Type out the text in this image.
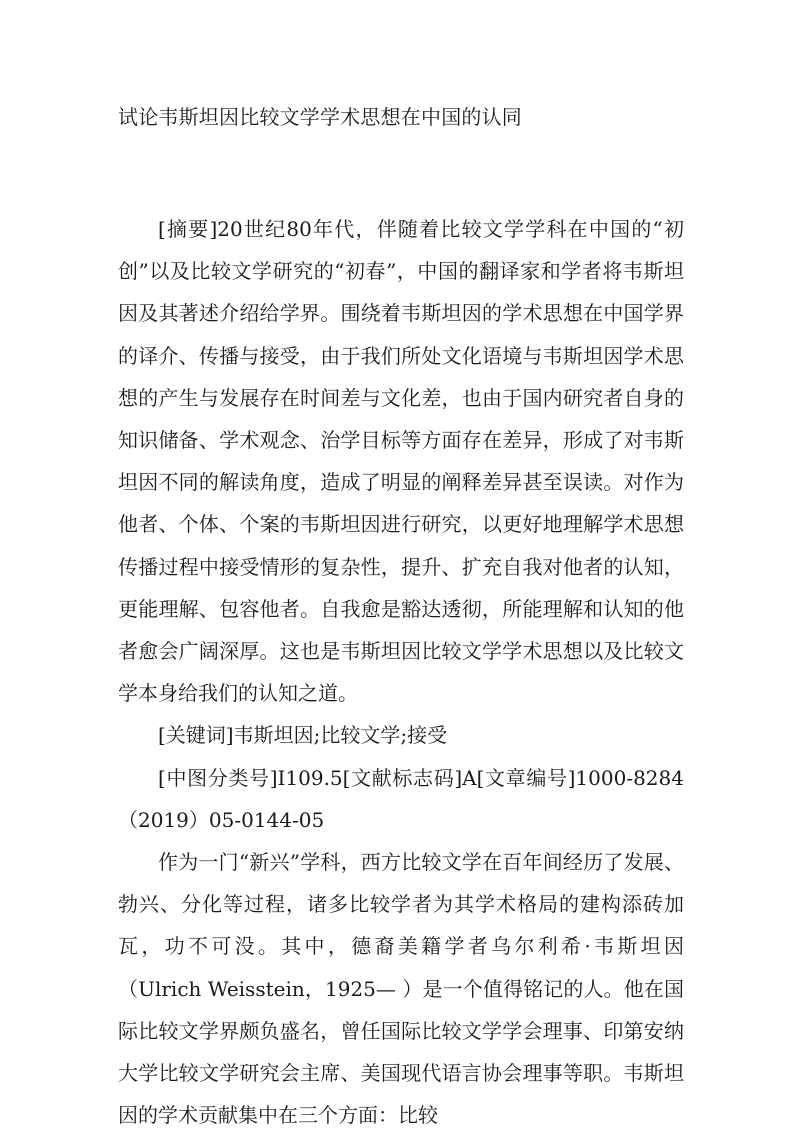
试论韦斯坦因比较文学学术思想在中国的认同

[摘要]20世纪80年代，伴随着比较文学学科在中国的“初创”以及比较文学研究的“初春”，中国的翻译家和学者将韦斯坦因及其著述介绍给学界。围绕着韦斯坦因的学术思想在中国学界的译介、传播与接受，由于我们所处文化语境与韦斯坦因学术思想的产生与发展存在时间差与文化差，也由于国内研究者自身的知识储备、学术观念、治学目标等方面存在差异，形成了对韦斯坦因不同的解读角度，造成了明显的阐释差异甚至误读。对作为他者、个体、个案的韦斯坦因进行研究，以更好地理解学术思想传播过程中接受情形的复杂性，提升、扩充自我对他者的认知，更能理解、包容他者。自我愈是豁达透彻，所能理解和认知的他者愈会广阔深厚。这也是韦斯坦因比较文学学术思想以及比较文学本身给我们的认知之道。

[关键词]韦斯坦因;比较文学;接受

[中图分类号]I109.5[文献标志码]A[文章编号]1000-8284（2019）05-0144-05

作为一门“新兴”学科，西方比较文学在百年间经历了发展、勃兴、分化等过程，诸多比较学者为其学术格局的建构添砖加瓦，功不可没。其中，德裔美籍学者乌尔利希·韦斯坦因（Ulrich Weisstein，1925— ）是一个值得铭记的人。他在国际比较文学界颇负盛名，曾任国际比较文学学会理事、印第安纳大学比较文学研究会主席、美国现代语言协会理事等职。韦斯坦因的学术贡献集中在三个方面：比较
